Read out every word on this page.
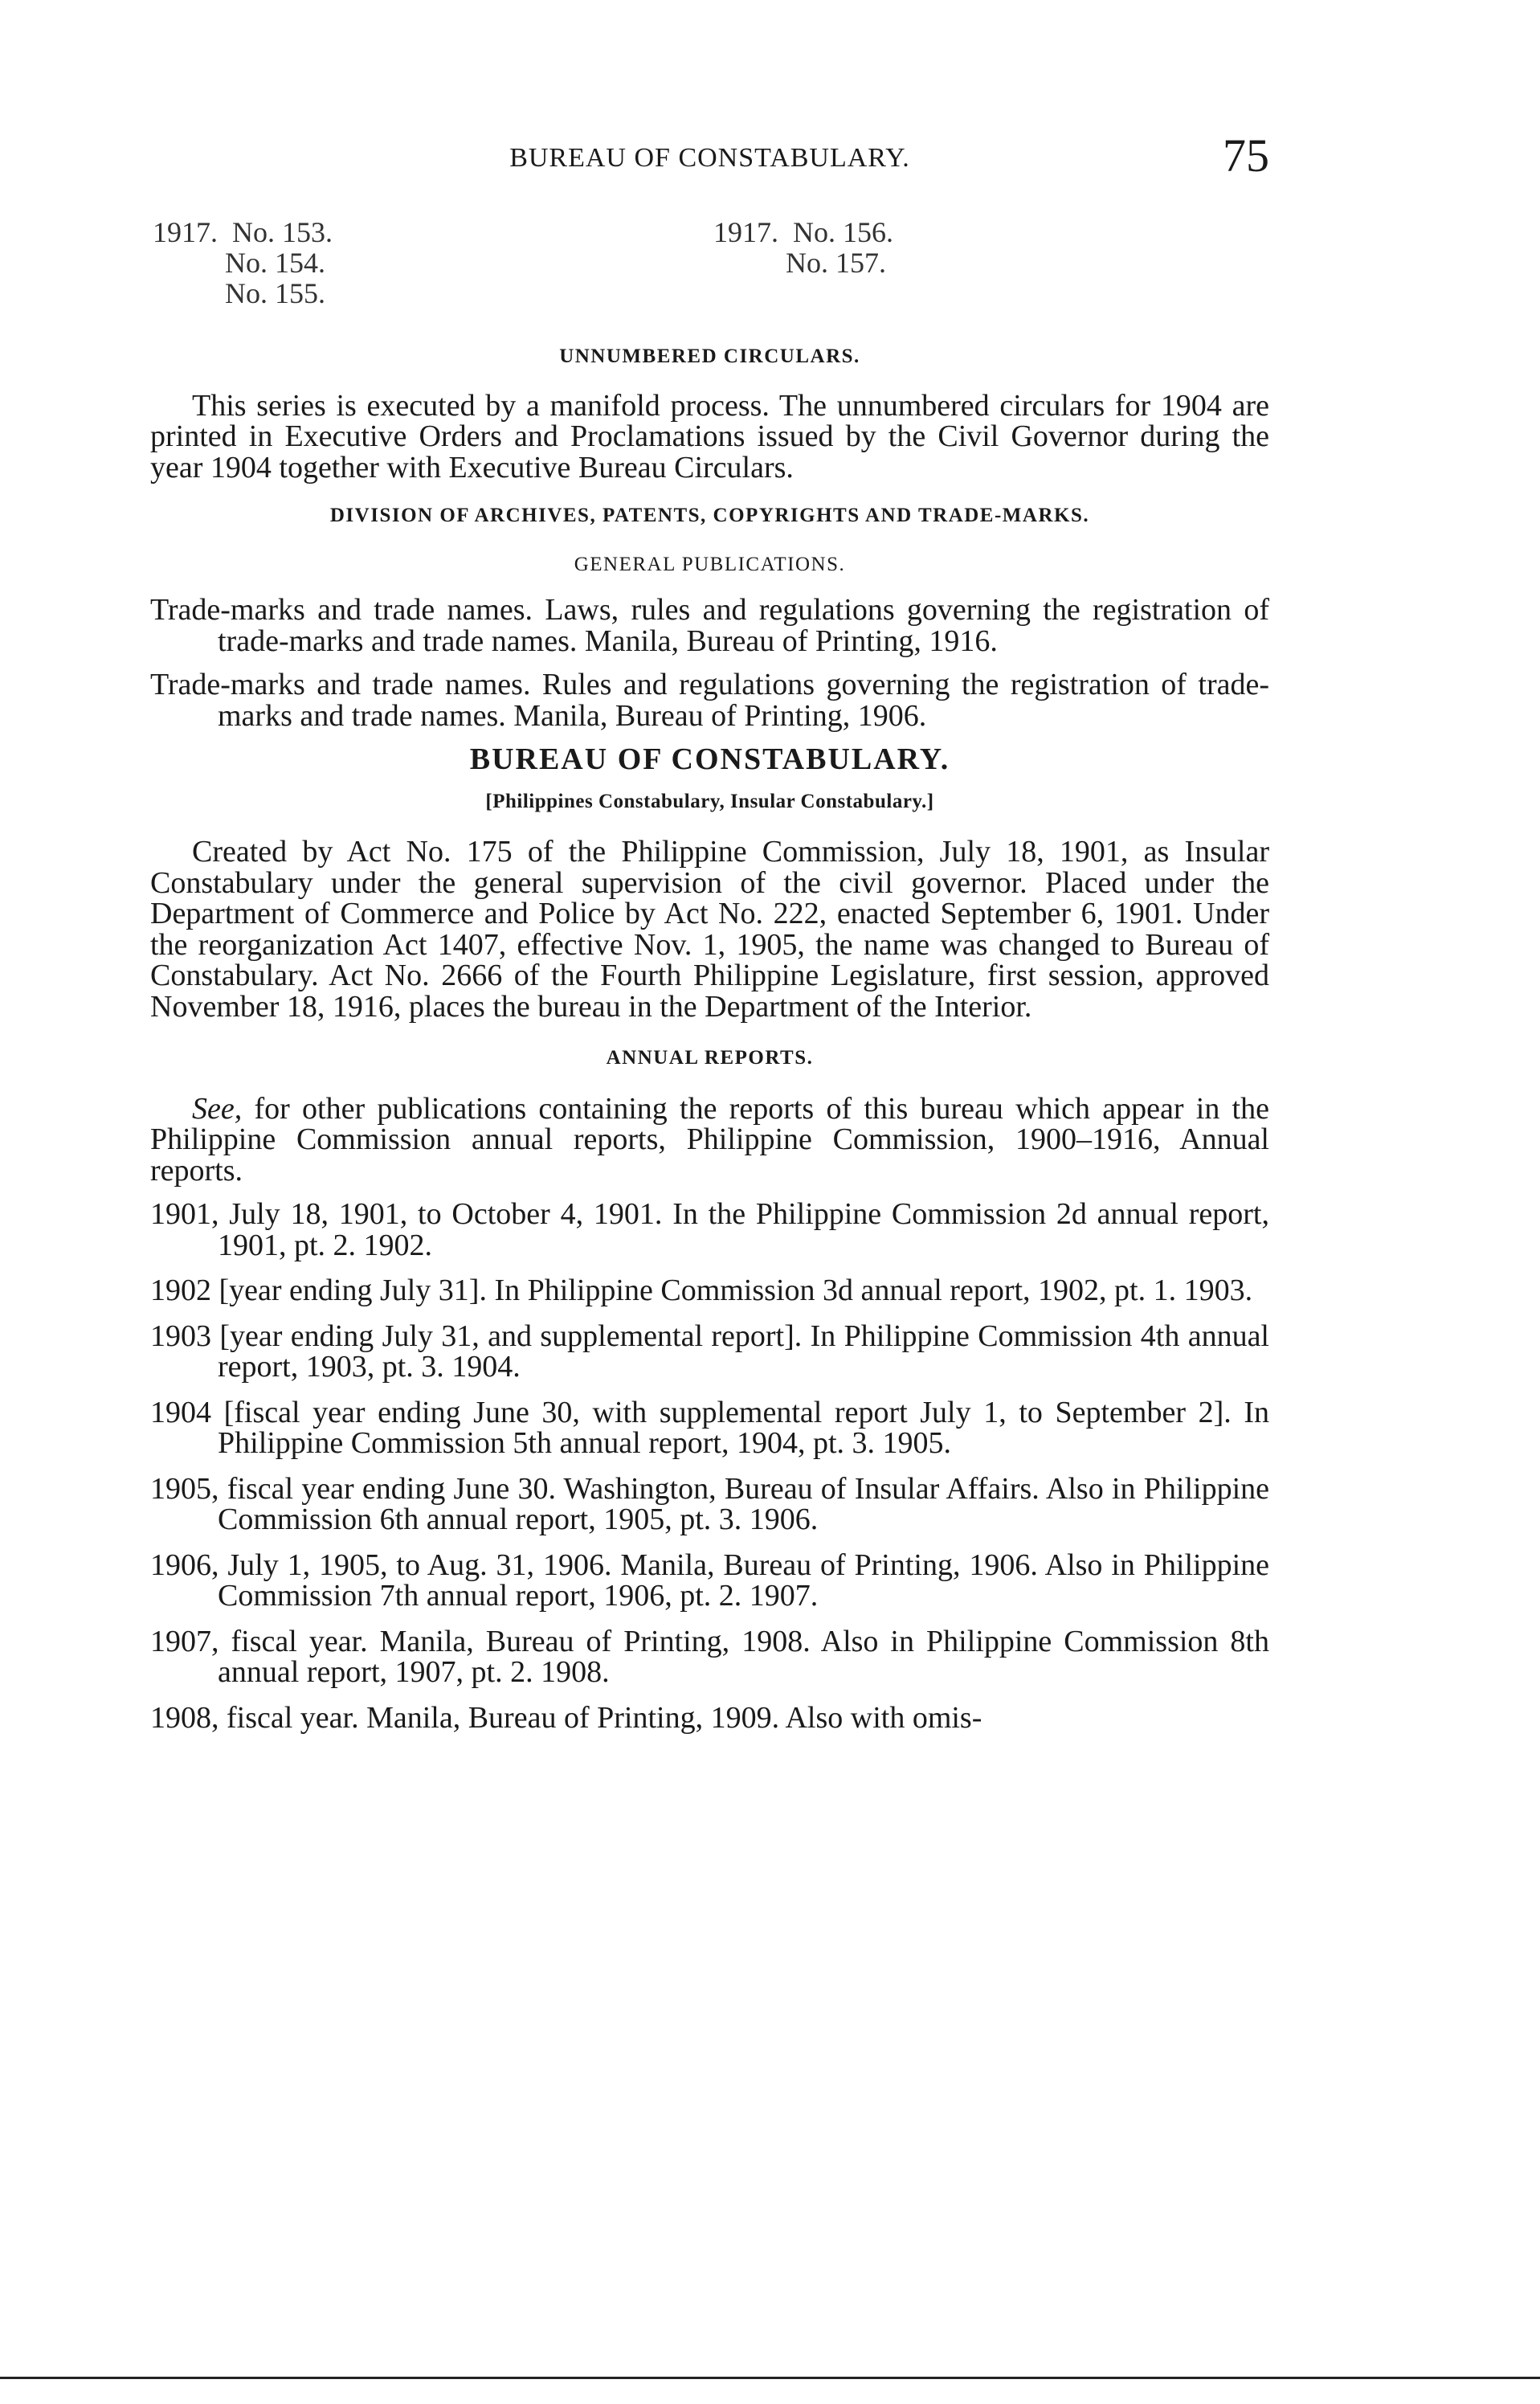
BUREAU OF CONSTABULARY.	75
1917.  No. 153.
No. 154.
No. 155.
1917.  No. 156.
No. 157.
UNNUMBERED CIRCULARS.
This series is executed by a manifold process. The unnumbered circulars for 1904 are printed in Executive Orders and Proclamations issued by the Civil Governor during the year 1904 together with Executive Bureau Circulars.
DIVISION OF ARCHIVES, PATENTS, COPYRIGHTS AND TRADE-MARKS.
GENERAL PUBLICATIONS.
Trade-marks and trade names. Laws, rules and regulations governing the registration of trade-marks and trade names. Manila, Bureau of Printing, 1916.
Trade-marks and trade names. Rules and regulations governing the registration of trade-marks and trade names. Manila, Bureau of Printing, 1906.
BUREAU OF CONSTABULARY.
[Philippines Constabulary, Insular Constabulary.]
Created by Act No. 175 of the Philippine Commission, July 18, 1901, as Insular Constabulary under the general supervision of the civil governor. Placed under the Department of Commerce and Police by Act No. 222, enacted September 6, 1901. Under the reorganization Act 1407, effective Nov. 1, 1905, the name was changed to Bureau of Constabulary. Act No. 2666 of the Fourth Philippine Legislature, first session, approved November 18, 1916, places the bureau in the Department of the Interior.
ANNUAL REPORTS.
See, for other publications containing the reports of this bureau which appear in the Philippine Commission annual reports, Philippine Commission, 1900–1916, Annual reports.
1901, July 18, 1901, to October 4, 1901. In the Philippine Commission 2d annual report, 1901, pt. 2. 1902.
1902 [year ending July 31]. In Philippine Commission 3d annual report, 1902, pt. 1. 1903.
1903 [year ending July 31, and supplemental report]. In Philippine Commission 4th annual report, 1903, pt. 3. 1904.
1904 [fiscal year ending June 30, with supplemental report July 1, to September 2]. In Philippine Commission 5th annual report, 1904, pt. 3. 1905.
1905, fiscal year ending June 30. Washington, Bureau of Insular Affairs. Also in Philippine Commission 6th annual report, 1905, pt. 3. 1906.
1906, July 1, 1905, to Aug. 31, 1906. Manila, Bureau of Printing, 1906. Also in Philippine Commission 7th annual report, 1906, pt. 2. 1907.
1907, fiscal year. Manila, Bureau of Printing, 1908. Also in Philippine Commission 8th annual report, 1907, pt. 2. 1908.
1908, fiscal year. Manila, Bureau of Printing, 1909. Also with omis-
